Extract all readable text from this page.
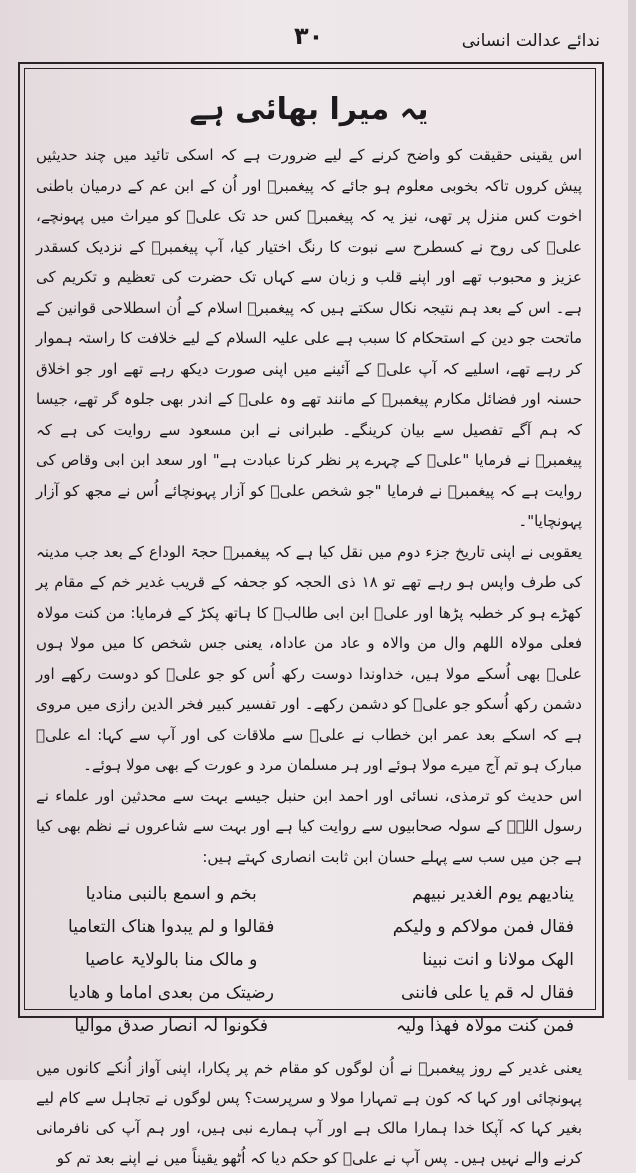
۳۰	ندائے عدالت انسانی
یہ میرا بھائی ہے

اس یقینی حقیقت کو واضح کرنے کے لیے ضرورت ہے کہ اسکی تائید میں چند حدیثیں پیش کروں تاکہ بخوبی معلوم ہو جائے کہ پیغمبرؐ اور اُن کے ابن عم کے درمیان باطنی اخوت کس منزل پر تھی، نیز یہ کہ پیغمبرؐ کس حد تک علیؑ کو میراث میں پہونچے، علیؑ کی روح نے کسطرح سے نبوت کا رنگ اختیار کیا، آپ پیغمبرؐ کے نزدیک کسقدر عزیز و محبوب تھے اور اپنے قلب و زبان سے کہاں تک حضرت کی تعظیم و تکریم کی ہے۔ اس کے بعد ہم نتیجہ نکال سکتے ہیں کہ پیغمبرؐ اسلام کے اُن اسطلاحی قوانین کے ماتحت جو دین کے استحکام کا سبب ہے علی علیہ السلام کے لیے خلافت کا راستہ ہموار کر رہے تھے، اسلیے کہ آپ علیؑ کے آئینے میں اپنی صورت دیکھ رہے تھے اور جو اخلاق حسنہ اور فضائل مکارم پیغمبرؐ کے مانند تھے وہ علیؑ کے اندر بھی جلوہ گر تھے، جیسا کہ ہم آگے تفصیل سے بیان کرینگے۔ طبرانی نے ابن مسعود سے روایت کی ہے کہ پیغمبرؐ نے فرمایا "علیؑ کے چہرے پر نظر کرنا عبادت ہے" اور سعد ابن ابی وقاص کی روایت ہے کہ پیغمبرؐ نے فرمایا "جو شخص علیؑ کو آزار پہونچائے اُس نے مجھ کو آزار پہونچایا"۔

یعقوبی نے اپنی تاریخ جزء دوم میں نقل کیا ہے کہ پیغمبرؐ حجۃ الوداع کے بعد جب مدینہ کی طرف واپس ہو رہے تھے تو ۱۸ ذی الحجہ کو جحفہ کے قریب غدیر خم کے مقام پر کھڑے ہو کر خطبہ پڑھا اور علیؑ ابن ابی طالبؑ کا ہاتھ پکڑ کے فرمایا: من کنت مولاہ فعلی مولاہ اللھم وال من والاہ و عاد من عاداہ، یعنی جس شخص کا میں مولا ہوں علیؑ بھی اُسکے مولا ہیں، خداوندا دوست رکھ اُس کو جو علیؑ کو دوست رکھے اور دشمن رکھ اُسکو جو علیؑ کو دشمن رکھے۔ اور تفسیر کبیر فخر الدین رازی میں مروی ہے کہ اسکے بعد عمر ابن خطاب نے علیؑ سے ملاقات کی اور آپ سے کہا: اے علیؑ مبارک ہو تم آج میرے مولا ہوئے اور ہر مسلمان مرد و عورت کے بھی مولا ہوئے۔

اس حدیث کو ترمذی، نسائی اور احمد ابن حنبل جیسے بہت سے محدثین اور علماء نے رسول اللہؐ کے سولہ صحابیوں سے روایت کیا ہے اور بہت سے شاعروں نے نظم بھی کیا ہے جن میں سب سے پہلے حسان ابن ثابت انصاری کہتے ہیں:

ینادیھم یوم الغدیر نبیھم
بخم و اسمع بالنبی منادیا
فقال فمن مولاکم و ولیکم
فقالوا و لم یبدوا ھناک التعامیا
الھک مولانا و انت نبینا
و مالک منا بالولایۃ عاصیا
فقال لہ قم یا علی فاننی
رضیتک من بعدی اماما و ھادیا
فمن کنت مولاہ فھذا ولیہ
فکونوا لہ انصار صدق موالیا

یعنی غدیر کے روز پیغمبرؐ نے اُن لوگوں کو مقام خم پر پکارا، اپنی آواز اُنکے کانوں میں پہونچائی اور کہا کہ کون ہے تمہارا مولا و سرپرست؟ پس لوگوں نے تجاہل سے کام لیے بغیر کہا کہ آپکا خدا ہمارا مالک ہے اور آپ ہمارے نبی ہیں، اور ہم آپ کی نافرمانی کرنے والے نہیں ہیں۔ پس آپ نے علیؑ کو حکم دیا کہ اُٹھو یقیناً میں نے اپنے بعد تم کو
